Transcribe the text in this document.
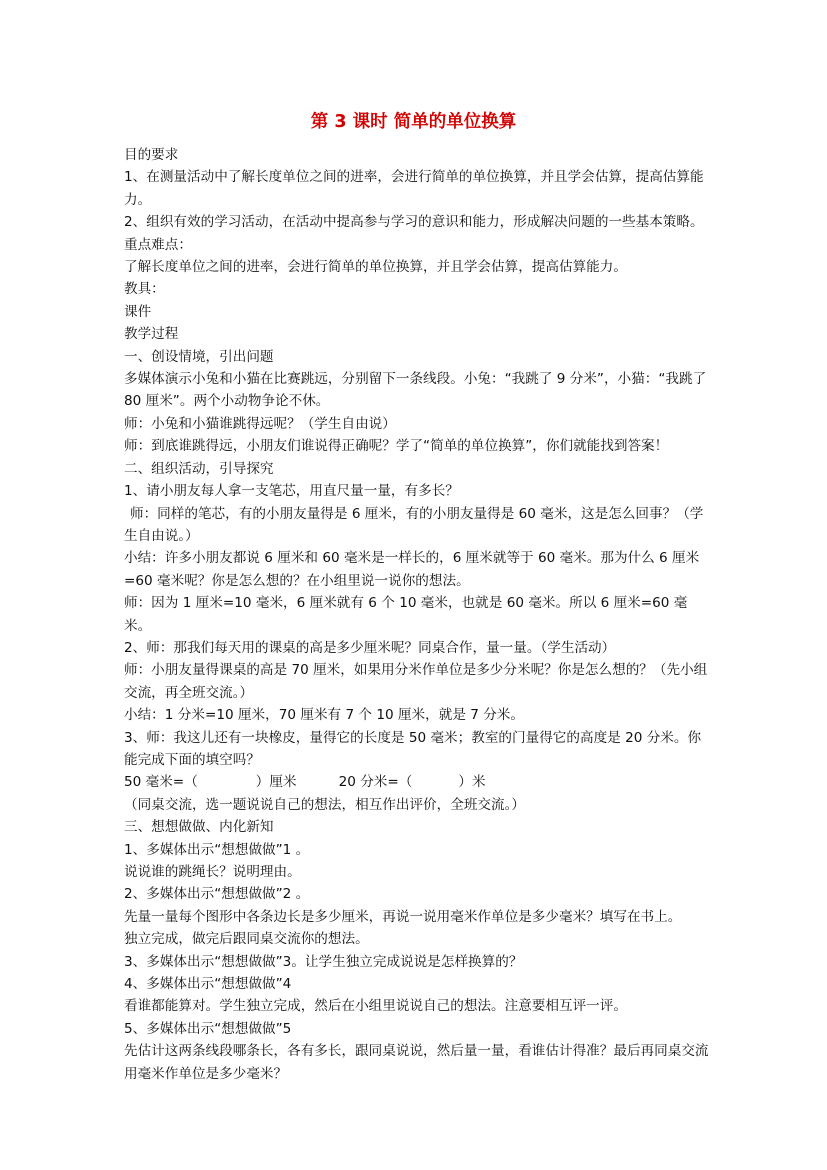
第 3 课时 简单的单位换算

目的要求

1、在测量活动中了解长度单位之间的进率，会进行简单的单位换算，并且学会估算，提高估算能力。

2、组织有效的学习活动，在活动中提高参与学习的意识和能力，形成解决问题的一些基本策略。

重点难点：

了解长度单位之间的进率，会进行简单的单位换算，并且学会估算，提高估算能力。

教具：

课件

教学过程

一、创设情境，引出问题

多媒体演示小兔和小猫在比赛跳远，分别留下一条线段。小兔：“我跳了 9 分米”，小猫：“我跳了 80 厘米”。两个小动物争论不休。

师：小兔和小猫谁跳得远呢？（学生自由说）

师：到底谁跳得远，小朋友们谁说得正确呢？学了“简单的单位换算”，你们就能找到答案！

二、组织活动，引导探究

1、请小朋友每人拿一支笔芯，用直尺量一量，有多长？

师：同样的笔芯，有的小朋友量得是 6 厘米，有的小朋友量得是 60 毫米，这是怎么回事？（学生自由说。）

小结：许多小朋友都说 6 厘米和 60 毫米是一样长的，6 厘米就等于 60 毫米。那为什么 6 厘米=60 毫米呢？你是怎么想的？在小组里说一说你的想法。

师：因为 1 厘米=10 毫米，6 厘米就有 6 个 10 毫米，也就是 60 毫米。所以 6 厘米=60 毫米。

2、师：那我们每天用的课桌的高是多少厘米呢？同桌合作，量一量。（学生活动）

师：小朋友量得课桌的高是 70 厘米，如果用分米作单位是多少分米呢？你是怎么想的？（先小组交流，再全班交流。）

小结：1 分米=10 厘米，70 厘米有 7 个 10 厘米，就是 7 分米。

3、师：我这儿还有一块橡皮，量得它的长度是 50 毫米；教室的门量得它的高度是 20 分米。你能完成下面的填空吗？

50 毫米=（	）厘米	20 分米=（	）米

（同桌交流，选一题说说自己的想法，相互作出评价，全班交流。）

三、想想做做、内化新知

1、多媒体出示“想想做做”1 。

说说谁的跳绳长？说明理由。

2、多媒体出示“想想做做”2 。

先量一量每个图形中各条边长是多少厘米，再说一说用毫米作单位是多少毫米？填写在书上。

独立完成，做完后跟同桌交流你的想法。

3、多媒体出示“想想做做”3。让学生独立完成说说是怎样换算的？

4、多媒体出示“想想做做”4

看谁都能算对。学生独立完成，然后在小组里说说自己的想法。注意要相互评一评。

5、多媒体出示“想想做做”5

先估计这两条线段哪条长，各有多长，跟同桌说说，然后量一量，看谁估计得准？最后再同桌交流用毫米作单位是多少毫米？
